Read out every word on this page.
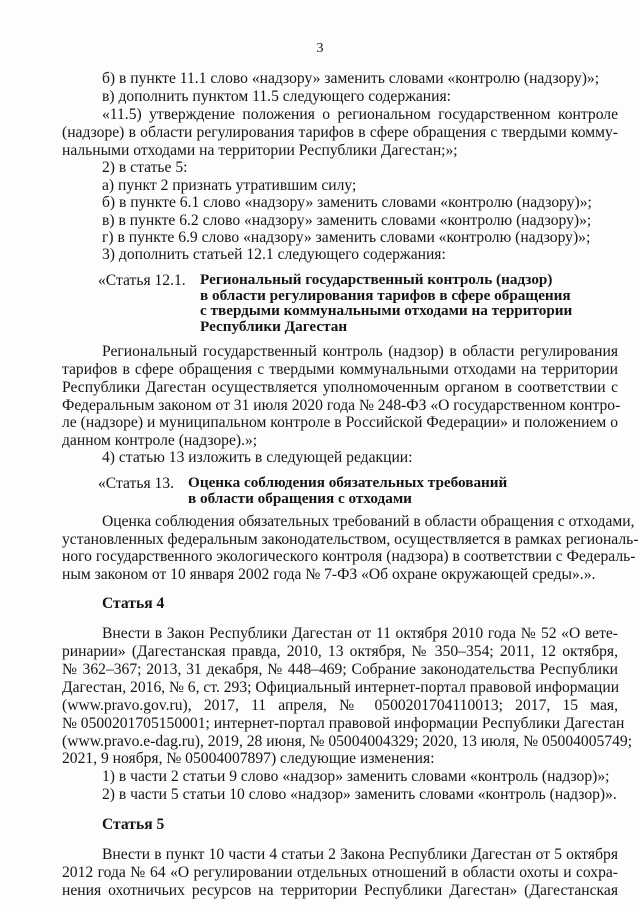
3

б) в пункте 11.1 слово «надзору» заменить словами «контролю (надзору)»;

в) дополнить пунктом 11.5 следующего содержания:

«11.5) утверждение положения о региональном государственном контроле

(надзоре) в области регулирования тарифов в сфере обращения с твердыми комму-

нальными отходами на территории Республики Дагестан;»;

2) в статье 5:

а) пункт 2 признать утратившим силу;

б) в пункте 6.1 слово «надзору» заменить словами «контролю (надзору)»;

в) в пункте 6.2 слово «надзору» заменить словами «контролю (надзору)»;

г) в пункте 6.9 слово «надзору» заменить словами «контролю (надзору)»;

3) дополнить статьей 12.1 следующего содержания:

«Статья 12.1. Региональный государственный контроль (надзор)
в области регулирования тарифов в сфере обращения
с твердыми коммунальными отходами на территории
Республики Дагестан

Региональный государственный контроль (надзор) в области регулирования

тарифов в сфере обращения с твердыми коммунальными отходами на территории

Республики Дагестан осуществляется уполномоченным органом в соответствии с

Федеральным законом от 31 июля 2020 года № 248-ФЗ «О государственном контро-

ле (надзоре) и муниципальном контроле в Российской Федерации» и положением о

данном контроле (надзоре).»;

4) статью 13 изложить в следующей редакции:

«Статья 13. Оценка соблюдения обязательных требований
в области обращения с отходами

Оценка соблюдения обязательных требований в области обращения с отходами,

установленных федеральным законодательством, осуществляется в рамках региональ-

ного государственного экологического контроля (надзора) в соответствии с Федераль-

ным законом от 10 января 2002 года № 7-ФЗ «Об охране окружающей среды».».

Статья 4

Внести в Закон Республики Дагестан от 11 октября 2010 года № 52 «О вете-

ринарии» (Дагестанская правда, 2010, 13 октября, № 350–354; 2011, 12 октября,

№ 362–367; 2013, 31 декабря, № 448–469; Собрание законодательства Республики

Дагестан, 2016, № 6, ст. 293; Официальный интернет-портал правовой информации

(www.pravo.gov.ru), 2017, 11 апреля, № 0500201704110013; 2017, 15 мая,

№ 0500201705150001; интернет-портал правовой информации Республики Дагестан

(www.pravo.e-dag.ru), 2019, 28 июня, № 05004004329; 2020, 13 июля, № 05004005749;

2021, 9 ноября, № 05004007897) следующие изменения:

1) в части 2 статьи 9 слово «надзор» заменить словами «контроль (надзор)»;

2) в части 5 статьи 10 слово «надзор» заменить словами «контроль (надзор)».

Статья 5

Внести в пункт 10 части 4 статьи 2 Закона Республики Дагестан от 5 октября

2012 года № 64 «О регулировании отдельных отношений в области охоты и сохра-

нения охотничьих ресурсов на территории Республики Дагестан» (Дагестанская
